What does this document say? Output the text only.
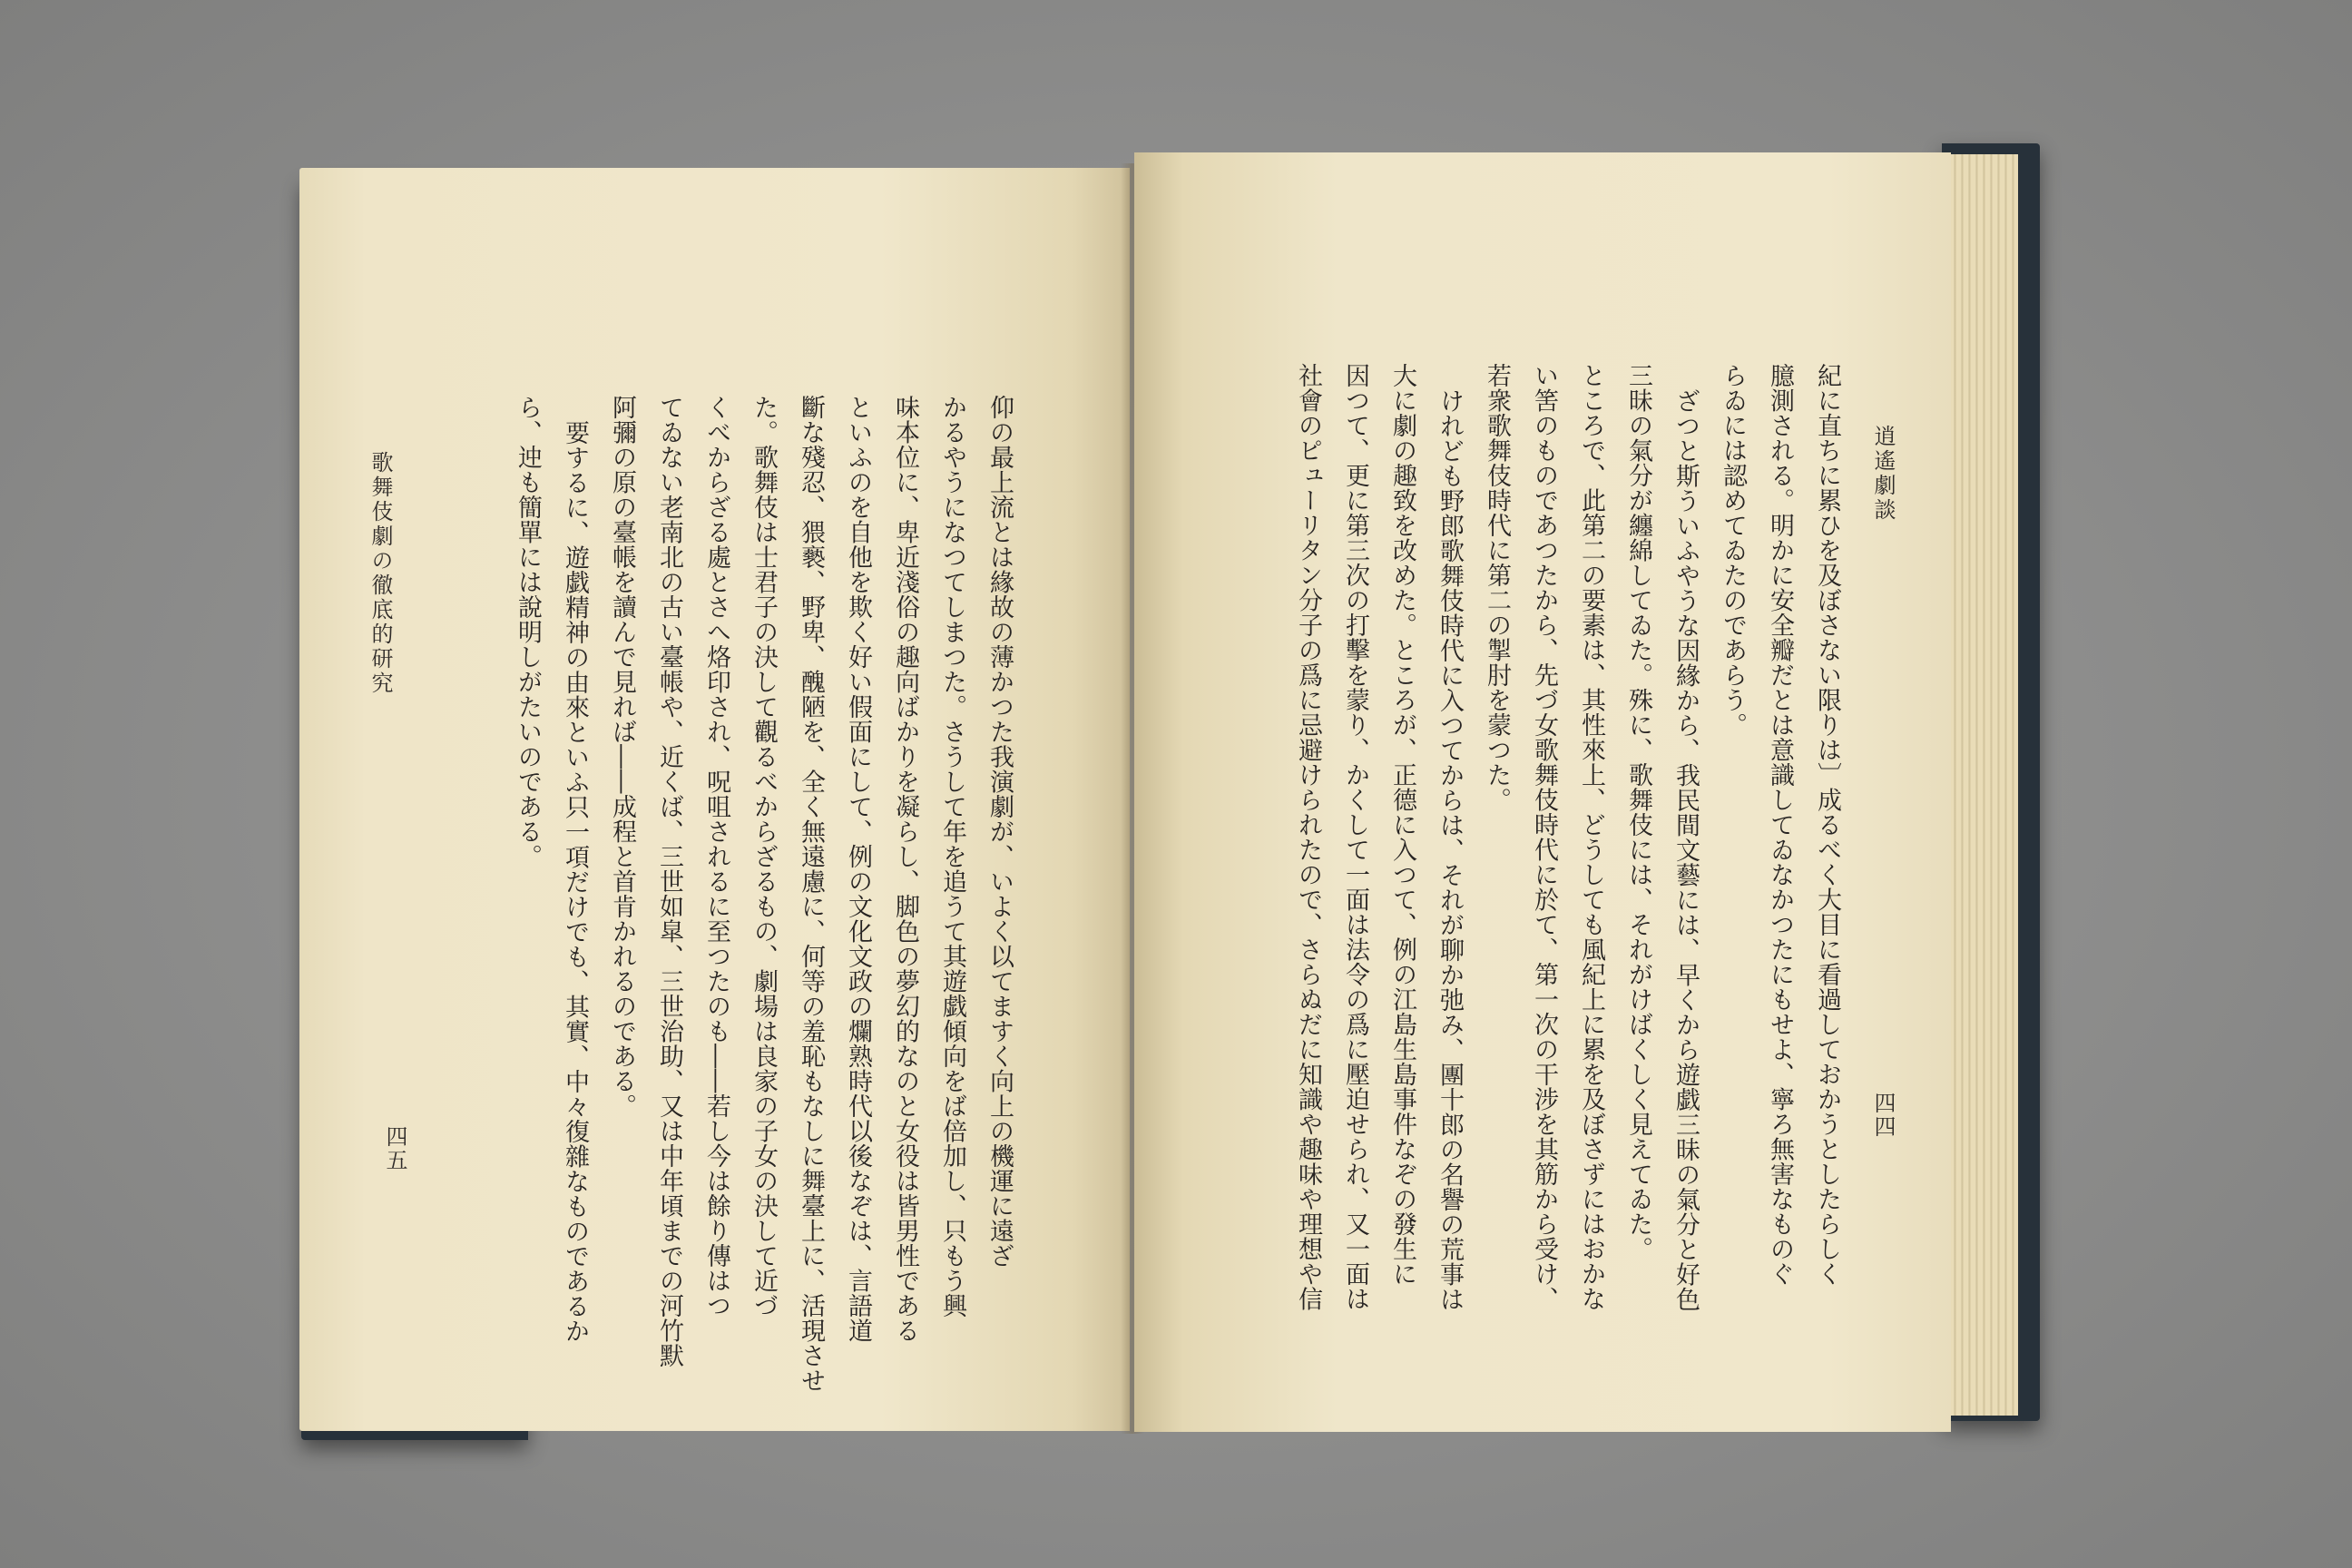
歌舞伎劇の徹底的研究
四五	仰の最上流とは緣故の薄かつた我演劇が、いよく以てますく向上の機運に遠ざ
かるやうになつてしまつた。さうして年を追うて其遊戯傾向をば倍加し、只もう興
味本位に、卑近淺俗の趣向ばかりを凝らし、脚色の夢幻的なのと女役は皆男性である
といふのを自他を欺く好い假面にして、例の文化文政の爛熟時代以後なぞは、言語道
斷な殘忍、猥褻、野卑、醜陋を、全く無遠慮に、何等の羞恥もなしに舞臺上に、活現させ
た。歌舞伎は士君子の決して觀るべからざるもの、劇場は良家の子女の決して近づ
くべからざる處とさへ烙印され、呪咀されるに至つたのも――若し今は餘り傳はつ
てゐない老南北の古い臺帳や、近くば、三世如皐、三世治助、又は中年頃までの河竹默
阿彌の原の臺帳を讀んで見れば――成程と首肯かれるのである。
要するに、遊戯精神の由來といふ只一項だけでも、其實、中々復雜なものであるか
ら、迚も簡單には說明しがたいのである。	逍遙劇談
四四
紀に直ちに累ひを及ぼさない限りは〕成るべく大目に看過しておかうとしたらしく
臆測される。明かに安全瓣だとは意識してゐなかつたにもせよ、寧ろ無害なものぐ
らゐには認めてゐたのであらう。
ざつと斯ういふやうな因緣から、我民間文藝には、早くから遊戯三昧の氣分と好色
三昧の氣分が纏綿してゐた。殊に、歌舞伎には、それがけばくしく見えてゐた。
ところで、此第二の要素は、其性來上、どうしても風紀上に累を及ぼさずにはおかな
い筈のものであつたから、先づ女歌舞伎時代に於て、第一次の干涉を其筋から受け、
若衆歌舞伎時代に第二の掣肘を蒙つた。
けれども野郎歌舞伎時代に入つてからは、それが聊か弛み、團十郎の名譽の荒事は
大に劇の趣致を改めた。ところが、正德に入つて、例の江島生島事件なぞの發生に
因つて、更に第三次の打擊を蒙り、かくして一面は法令の爲に壓迫せられ、又一面は
社會のピューリタン分子の爲に忌避けられたので、さらぬだに知識や趣味や理想や信
